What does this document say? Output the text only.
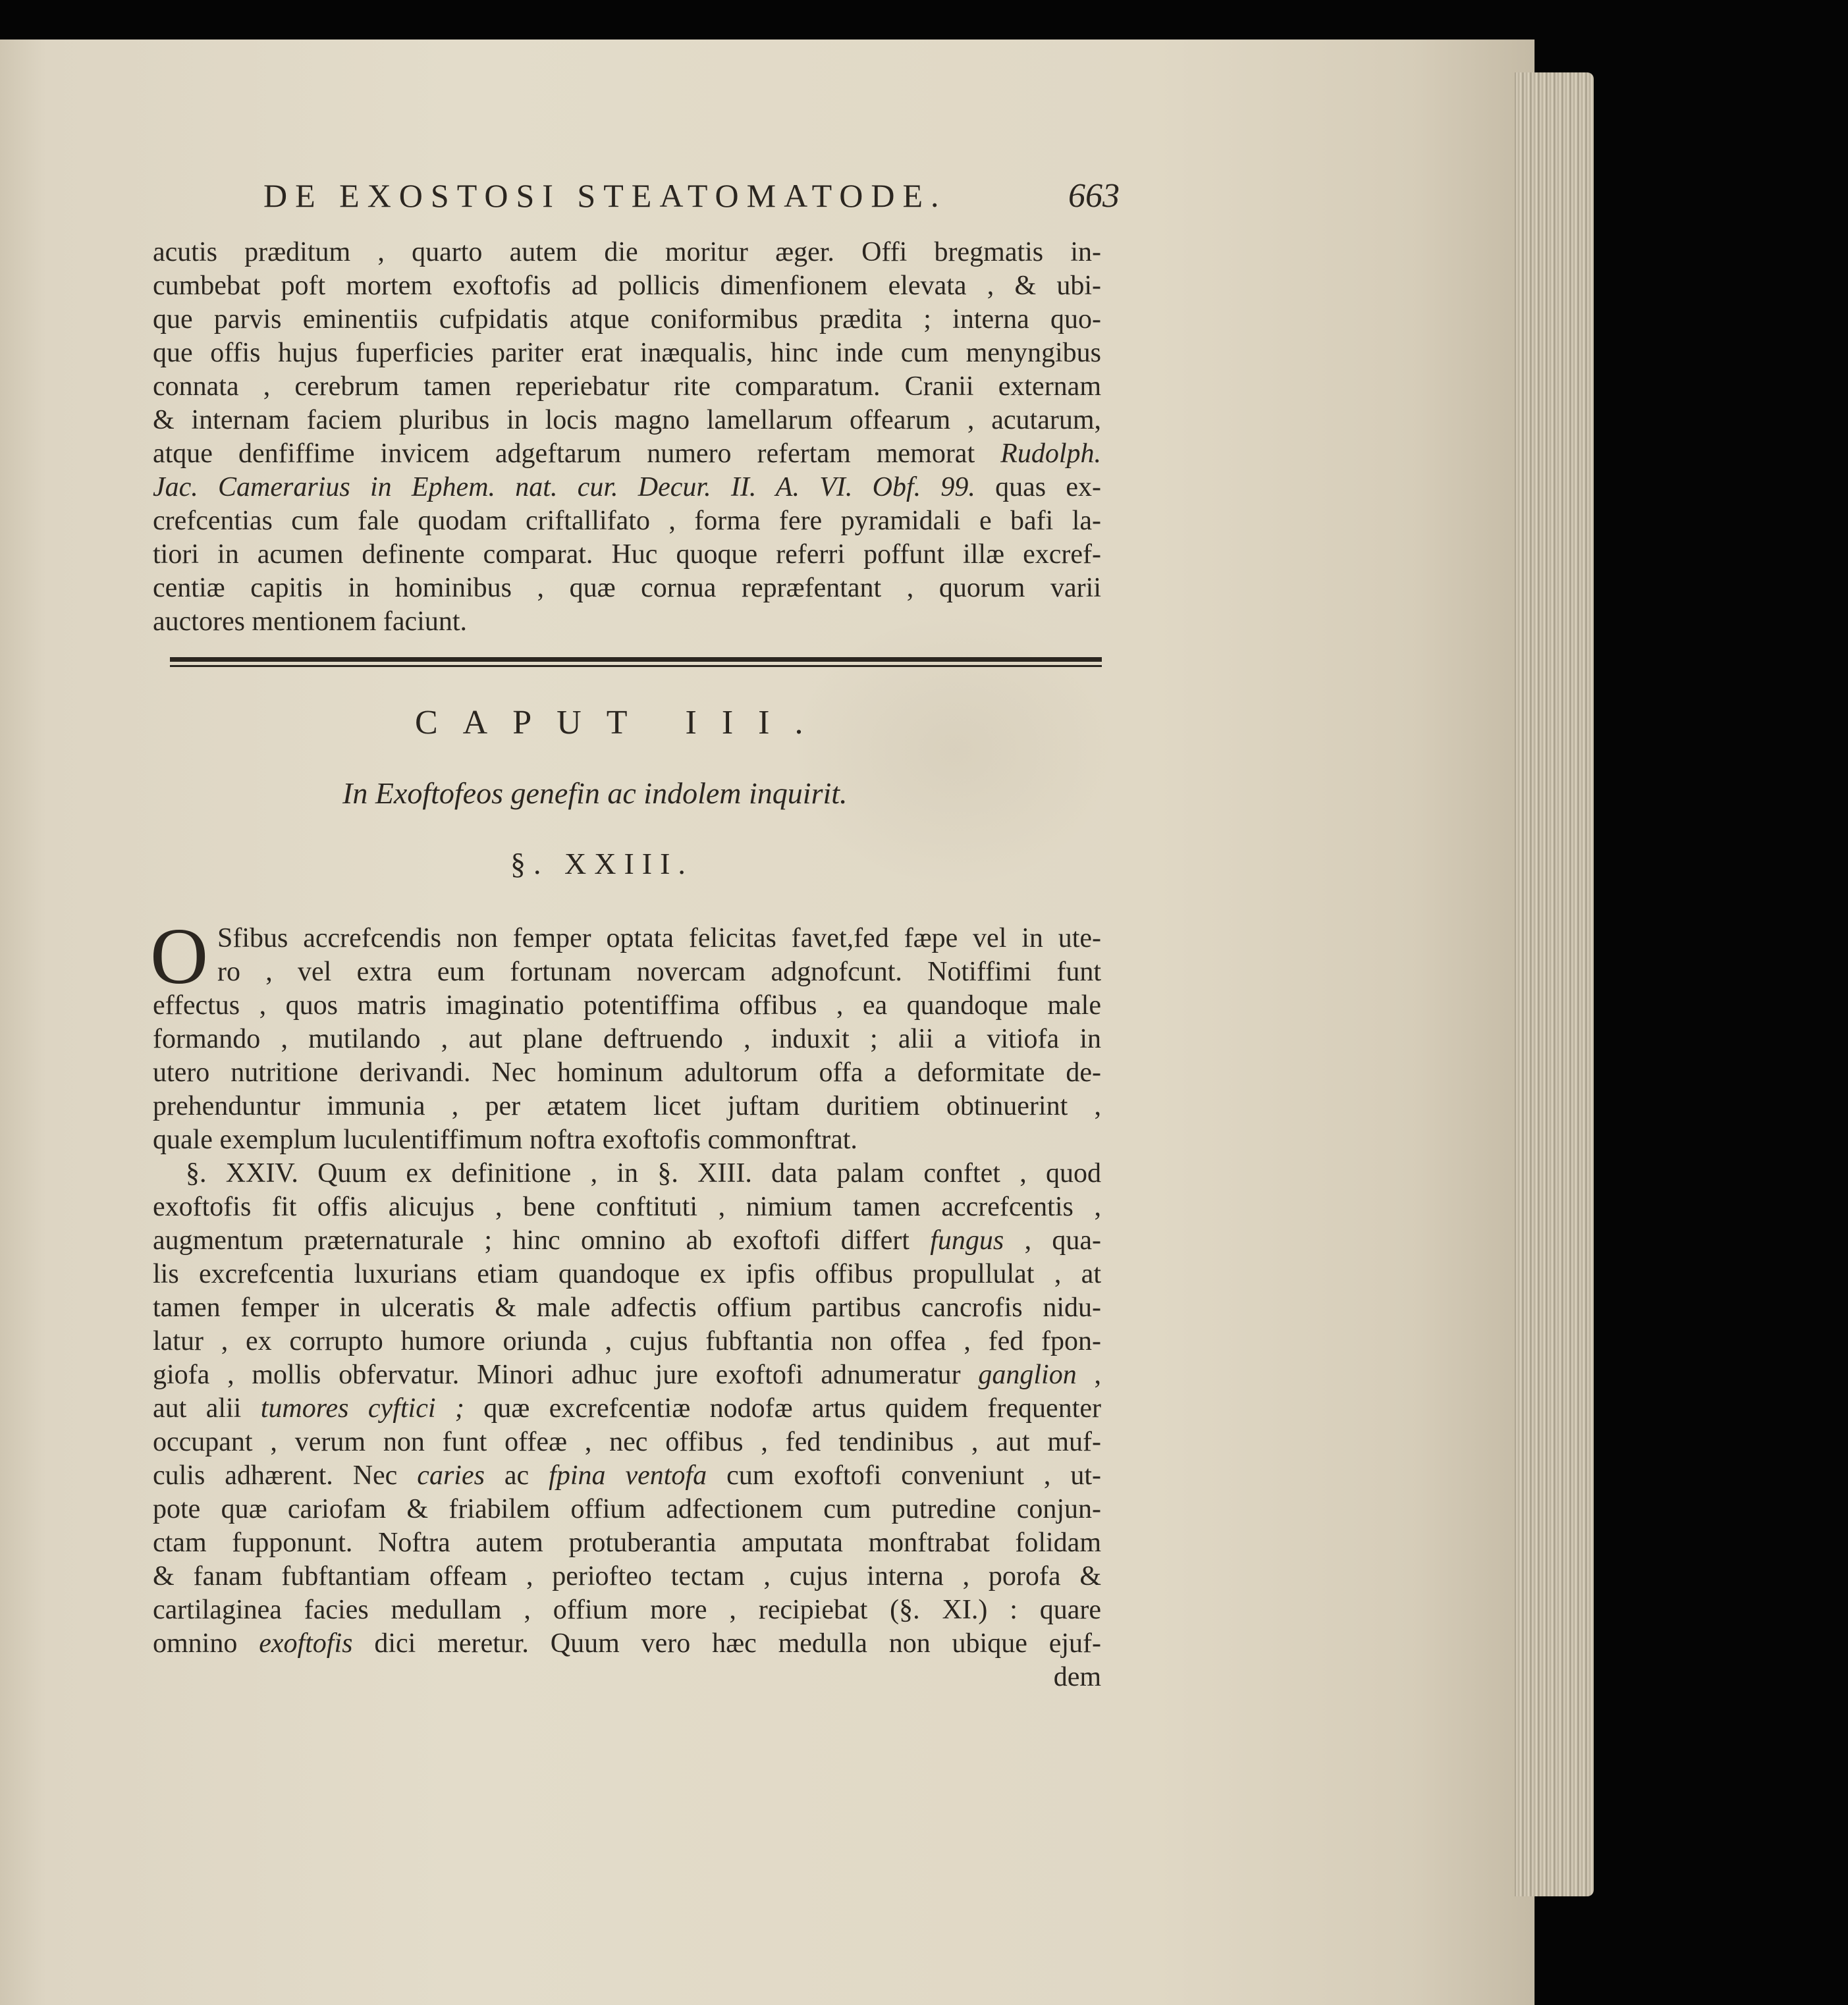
DE EXOSTOSI STEATOMATODE.	663
acutis præditum , quarto autem die moritur æger. Offi bregmatis in-
cumbebat poft mortem exoftofis ad pollicis dimenfionem elevata , & ubi-
que parvis eminentiis cufpidatis atque coniformibus prædita ; interna quo-
que offis hujus fuperficies pariter erat inæqualis, hinc inde cum menyngibus
connata , cerebrum tamen reperiebatur rite comparatum. Cranii externam
& internam faciem pluribus in locis magno lamellarum offearum , acutarum,
atque denfiffime invicem adgeftarum numero refertam memorat Rudolph.
Jac. Camerarius in Ephem. nat. cur. Decur. II. A. VI. Obf. 99. quas ex-
crefcentias cum fale quodam criftallifato , forma fere pyramidali e bafi la-
tiori in acumen definente comparat. Huc quoque referri poffunt illæ excref-
centiæ capitis in hominibus , quæ cornua repræfentant , quorum varii
auctores mentionem faciunt.
CAPUT III.
In Exoftofeos genefin ac indolem inquirit.
§. XXIII.
O Sfibus accrefcendis non femper optata felicitas favet,fed fæpe vel in ute-
ro , vel extra eum fortunam novercam adgnofcunt. Notiffimi funt
effectus , quos matris imaginatio potentiffima offibus , ea quandoque male
formando , mutilando , aut plane deftruendo , induxit ; alii a vitiofa in
utero nutritione derivandi. Nec hominum adultorum offa a deformitate de-
prehenduntur immunia , per ætatem licet juftam duritiem obtinuerint ,
quale exemplum luculentiffimum noftra exoftofis commonftrat.
§. XXIV. Quum ex definitione , in §. XIII. data palam conftet , quod
exoftofis fit offis alicujus , bene conftituti , nimium tamen accrefcentis ,
augmentum præternaturale ; hinc omnino ab exoftofi differt fungus , qua-
lis excrefcentia luxurians etiam quandoque ex ipfis offibus propullulat , at
tamen femper in ulceratis & male adfectis offium partibus cancrofis nidu-
latur , ex corrupto humore oriunda , cujus fubftantia non offea , fed fpon-
giofa , mollis obfervatur. Minori adhuc jure exoftofi adnumeratur ganglion ,
aut alii tumores cyftici ; quæ excrefcentiæ nodofæ artus quidem frequenter
occupant , verum non funt offeæ , nec offibus , fed tendinibus , aut muf-
culis adhærent. Nec caries ac fpina ventofa cum exoftofi conveniunt , ut-
pote quæ cariofam & friabilem offium adfectionem cum putredine conjun-
ctam fupponunt. Noftra autem protuberantia amputata monftrabat folidam
& fanam fubftantiam offeam , periofteo tectam , cujus interna , porofa &
cartilaginea facies medullam , offium more , recipiebat (§. XI.) : quare
omnino exoftofis dici meretur. Quum vero hæc medulla non ubique ejuf-
dem
